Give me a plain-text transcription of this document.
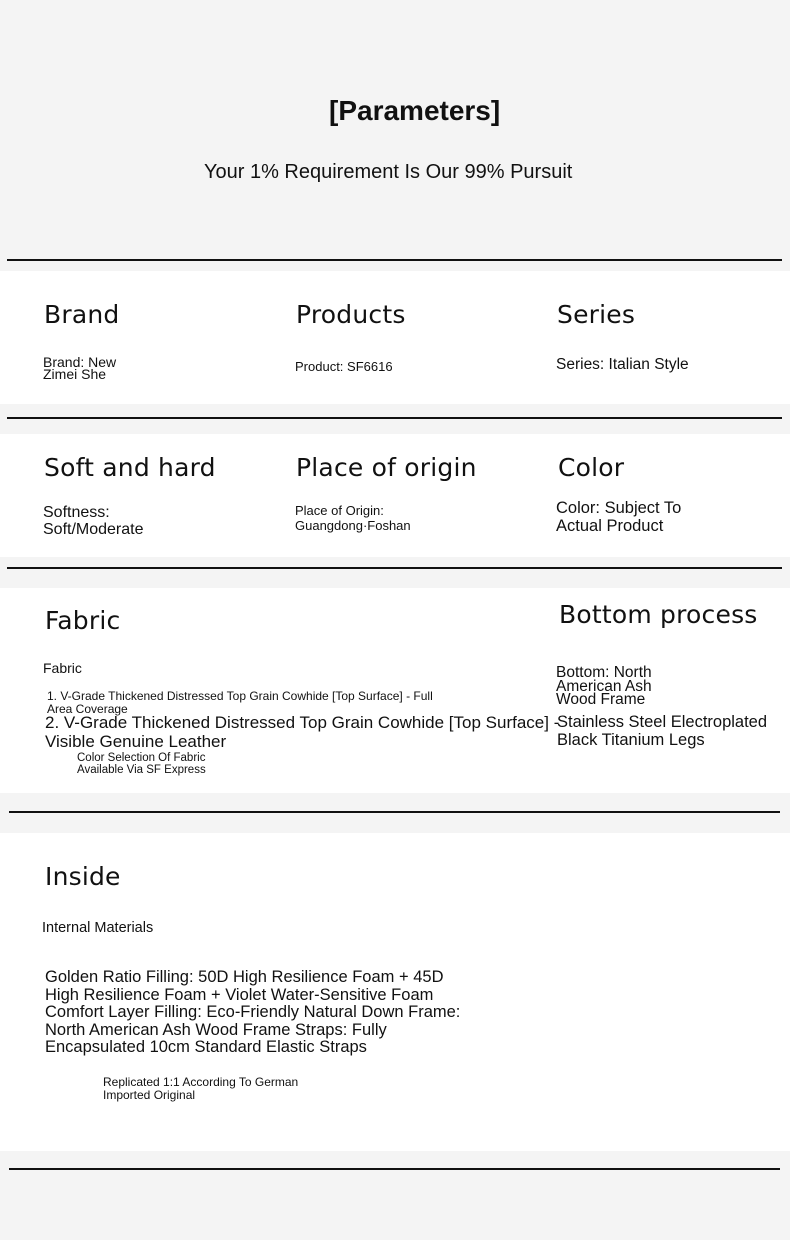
[Parameters]
Your 1% Requirement Is Our 99% Pursuit
Brand
Brand: New
Zimei She
Products
Product: SF6616
Series
Series: Italian Style
Soft and hard
Softness:
Soft/Moderate
Place of origin
Place of Origin:
Guangdong·Foshan
Color
Color: Subject To
Actual Product
Fabric
Fabric
1. V-Grade Thickened Distressed Top Grain Cowhide [Top Surface] - Full
Area Coverage
2. V-Grade Thickened Distressed Top Grain Cowhide [Top Surface] -
Visible Genuine Leather
Color Selection Of Fabric
Available Via SF Express
Bottom process
Bottom: North
American Ash
Wood Frame
Stainless Steel Electroplated
Black Titanium Legs
Inside
Internal Materials
Golden Ratio Filling: 50D High Resilience Foam + 45D
High Resilience Foam + Violet Water-Sensitive Foam
Comfort Layer Filling: Eco-Friendly Natural Down Frame:
North American Ash Wood Frame Straps: Fully
Encapsulated 10cm Standard Elastic Straps
Replicated 1:1 According To German
Imported Original
